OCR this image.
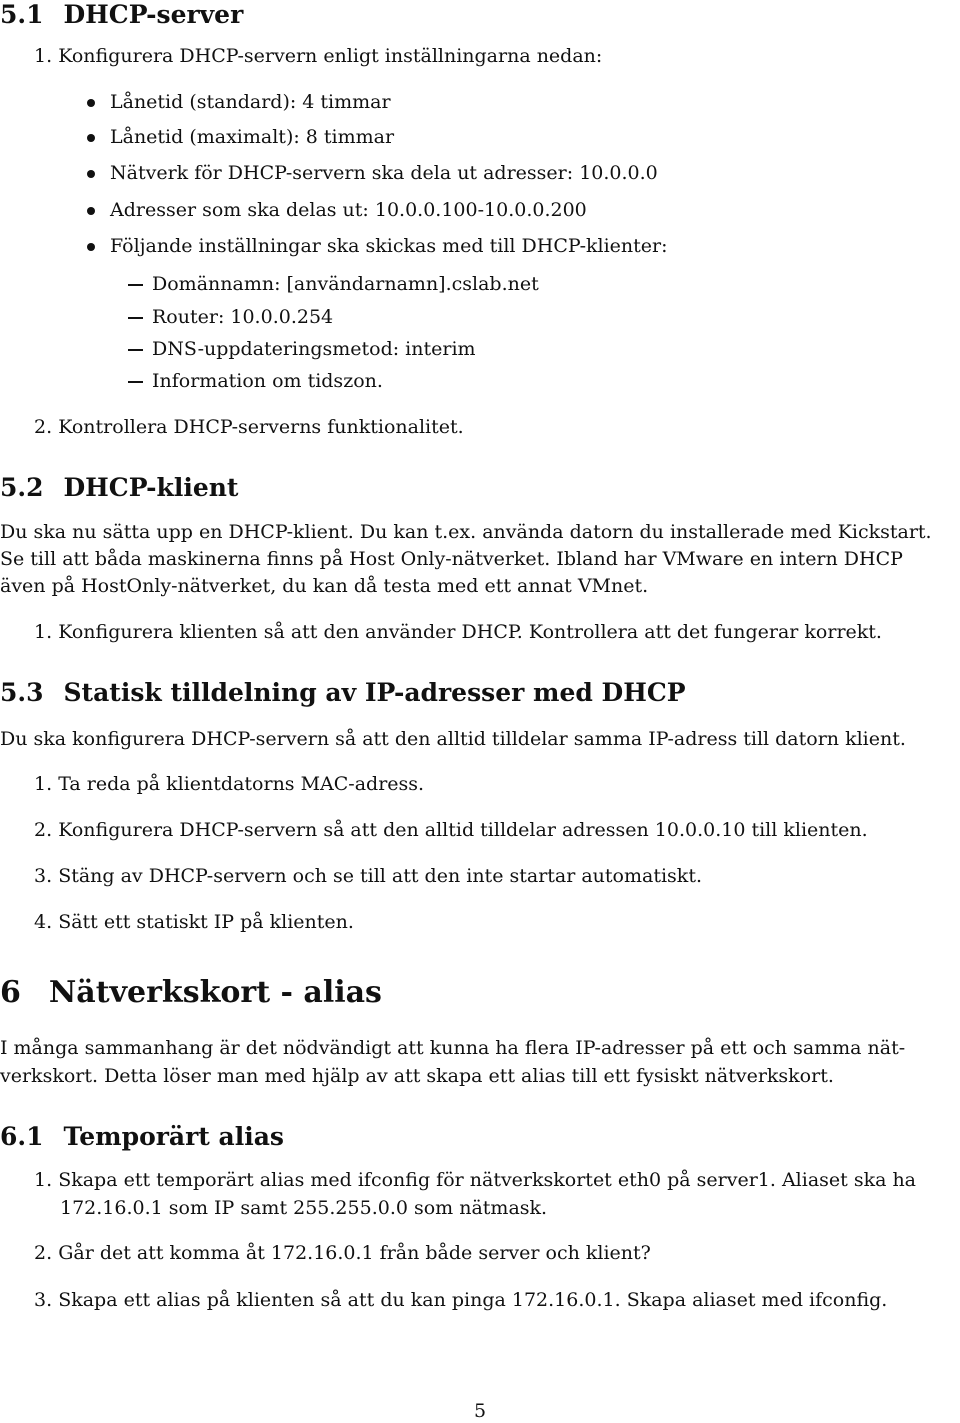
5.1 DHCP-server
1. Konfigurera DHCP-servern enligt inställningarna nedan:
Lånetid (standard): 4 timmar
Lånetid (maximalt): 8 timmar
Nätverk för DHCP-servern ska dela ut adresser: 10.0.0.0
Adresser som ska delas ut: 10.0.0.100-10.0.0.200
Följande inställningar ska skickas med till DHCP-klienter:
Domännamn: [användarnamn].cslab.net
Router: 10.0.0.254
DNS-uppdateringsmetod: interim
Information om tidszon.
2. Kontrollera DHCP-serverns funktionalitet.
5.2 DHCP-klient
Du ska nu sätta upp en DHCP-klient. Du kan t.ex. använda datorn du installerade med Kickstart.
Se till att båda maskinerna finns på Host Only-nätverket. Ibland har VMware en intern DHCP
även på HostOnly-nätverket, du kan då testa med ett annat VMnet.
1. Konfigurera klienten så att den använder DHCP. Kontrollera att det fungerar korrekt.
5.3 Statisk tilldelning av IP-adresser med DHCP
Du ska konfigurera DHCP-servern så att den alltid tilldelar samma IP-adress till datorn klient.
1. Ta reda på klientdatorns MAC-adress.
2. Konfigurera DHCP-servern så att den alltid tilldelar adressen 10.0.0.10 till klienten.
3. Stäng av DHCP-servern och se till att den inte startar automatiskt.
4. Sätt ett statiskt IP på klienten.
6 Nätverkskort - alias
I många sammanhang är det nödvändigt att kunna ha flera IP-adresser på ett och samma nät-
verkskort. Detta löser man med hjälp av att skapa ett alias till ett fysiskt nätverkskort.
6.1 Temporärt alias
1. Skapa ett temporärt alias med ifconfig för nätverkskortet eth0 på server1. Aliaset ska ha
172.16.0.1 som IP samt 255.255.0.0 som nätmask.
2. Går det att komma åt 172.16.0.1 från både server och klient?
3. Skapa ett alias på klienten så att du kan pinga 172.16.0.1. Skapa aliaset med ifconfig.
5
